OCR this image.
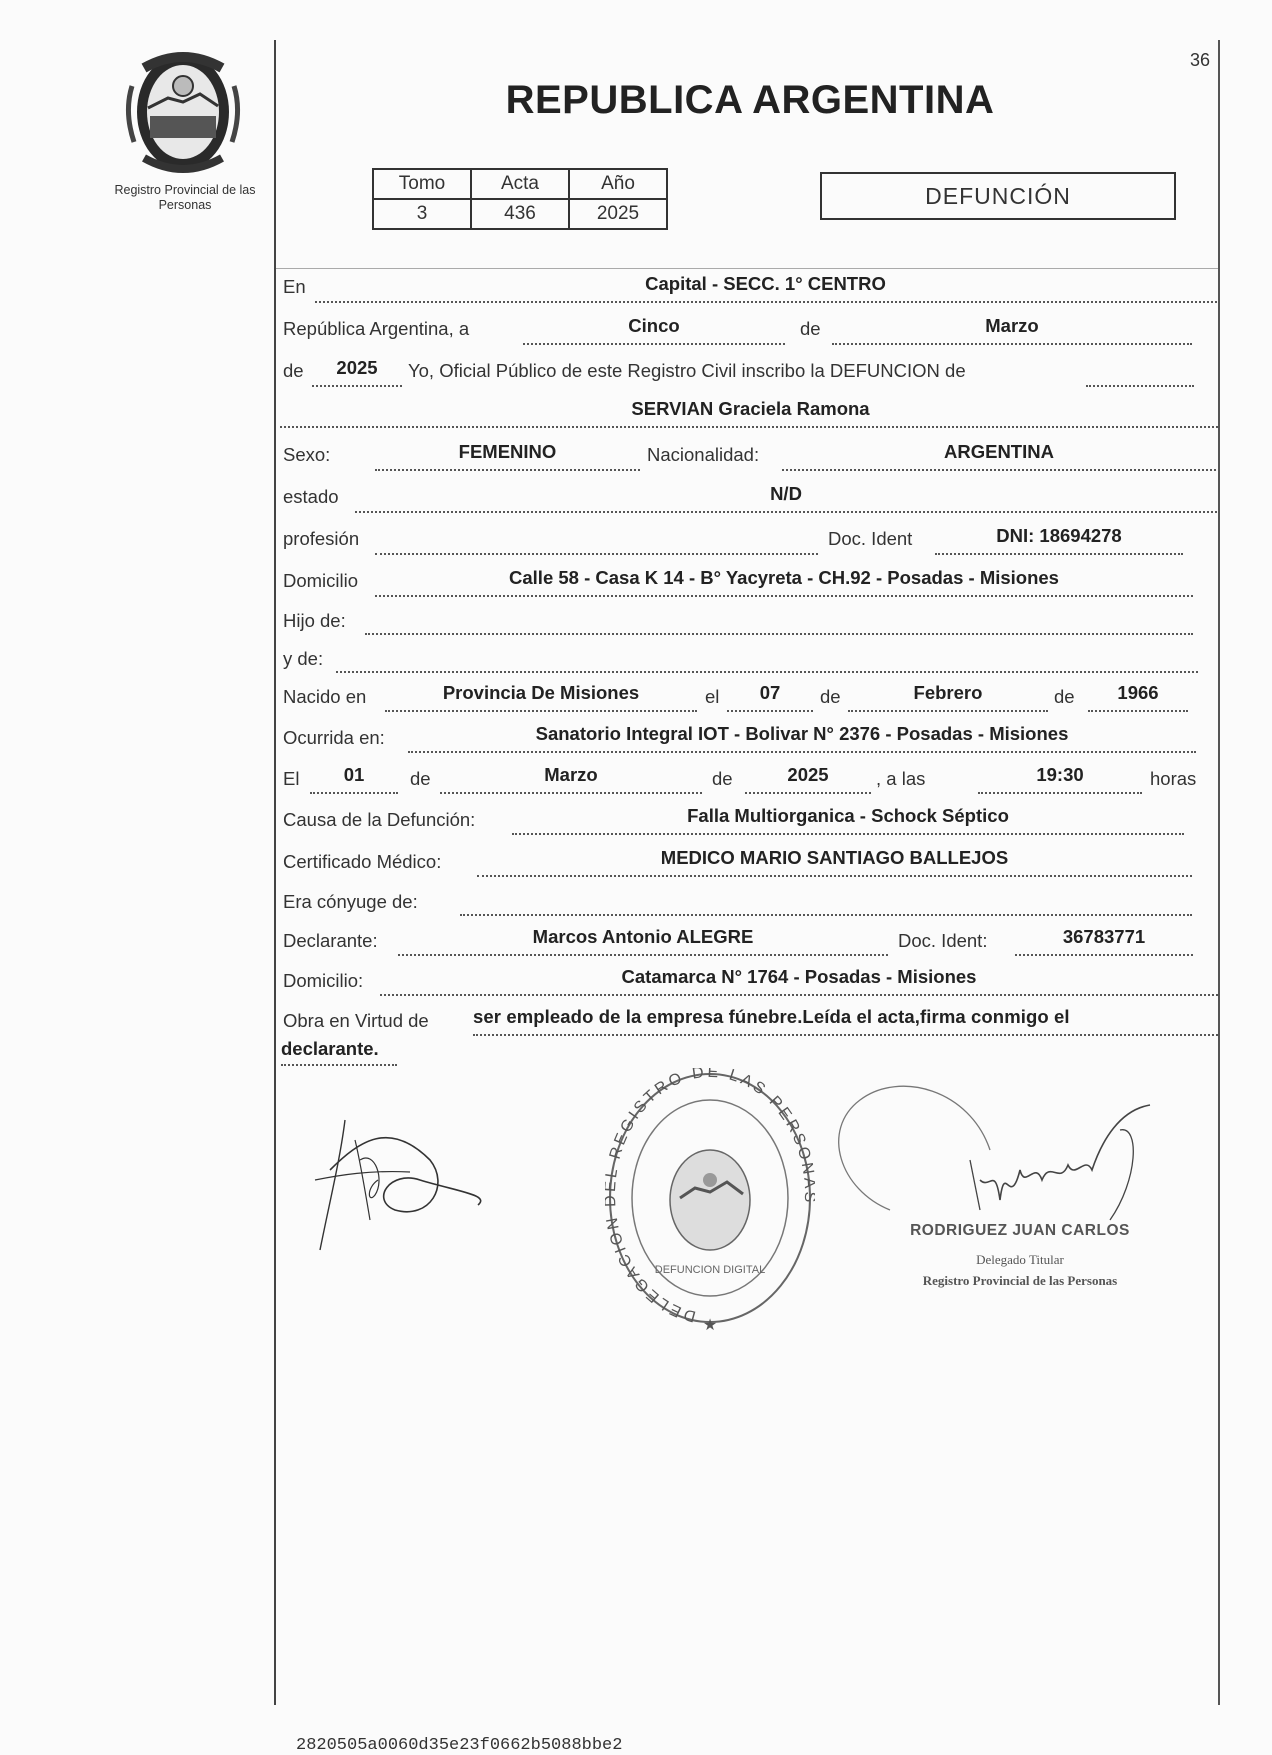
Registro Provincial de las Personas
36
REPUBLICA ARGENTINA
Tomo	Acta	Año
3	436	2025
DEFUNCIÓN
En	Capital - SECC. 1° CENTRO
República Argentina, a	Cinco	de	Marzo
de	2025	Yo, Oficial Público de este Registro Civil inscribo la DEFUNCION de
SERVIAN Graciela Ramona
Sexo:	FEMENINO	Nacionalidad:	ARGENTINA
estado	N/D
profesión	Doc. Ident	DNI: 18694278
Domicilio	Calle 58 - Casa K 14 - B° Yacyreta - CH.92 - Posadas - Misiones
Hijo de:
y de:
Nacido en	Provincia De Misiones	el	07	de	Febrero	de	1966
Ocurrida en:	Sanatorio Integral IOT - Bolivar N° 2376 - Posadas - Misiones
El	01	de	Marzo	de	2025	, a las	19:30	horas
Causa de la Defunción:	Falla Multiorganica - Schock Séptico
Certificado Médico:	MEDICO MARIO SANTIAGO BALLEJOS
Era cónyuge de:
Declarante:	Marcos Antonio ALEGRE	Doc. Ident:	36783771
Domicilio:	Catamarca N° 1764 - Posadas - Misiones
Obra en Virtud de ser empleado de la empresa fúnebre.Leída el acta,firma conmigo el
declarante.
DELEGACION REGISTRO DE LAS PERSO
DEFUNCION DIGITAL
★
RODRIGUEZ JUAN CARLOS
Delegado Titular
Registro Provincial de las Personas
2820505a0060d35e23f0662b5088bbe2
